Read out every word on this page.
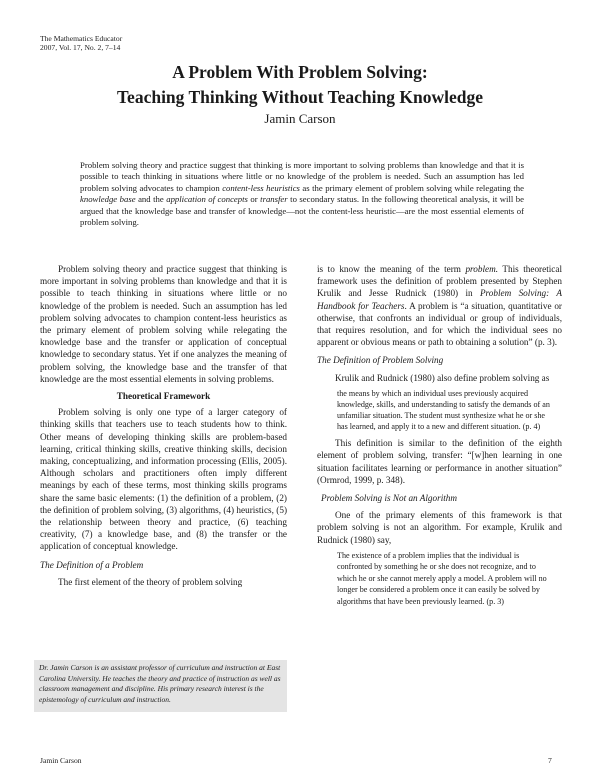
The Mathematics Educator
2007, Vol. 17, No. 2, 7–14
A Problem With Problem Solving:
Teaching Thinking Without Teaching Knowledge
Jamin Carson
Problem solving theory and practice suggest that thinking is more important to solving problems than knowledge and that it is possible to teach thinking in situations where little or no knowledge of the problem is needed. Such an assumption has led problem solving advocates to champion content-less heuristics as the primary element of problem solving while relegating the knowledge base and the application of concepts or transfer to secondary status. In the following theoretical analysis, it will be argued that the knowledge base and transfer of knowledge—not the content-less heuristic—are the most essential elements of problem solving.

Problem solving theory and practice suggest that thinking is more important in solving problems than knowledge and that it is possible to teach thinking in situations where little or no knowledge of the problem is needed. Such an assumption has led problem solving advocates to champion content-less heuristics as the primary element of problem solving while relegating the knowledge base and the transfer or application of conceptual knowledge to secondary status. Yet if one analyzes the meaning of problem solving, the knowledge base and the transfer of that knowledge are the most essential elements in solving problems.

Theoretical Framework

Problem solving is only one type of a larger category of thinking skills that teachers use to teach students how to think. Other means of developing thinking skills are problem-based learning, critical thinking skills, creative thinking skills, decision making, conceptualizing, and information processing (Ellis, 2005). Although scholars and practitioners often imply different meanings by each of these terms, most thinking skills programs share the same basic elements: (1) the definition of a problem, (2) the definition of problem solving, (3) algorithms, (4) heuristics, (5) the relationship between theory and practice, (6) teaching creativity, (7) a knowledge base, and (8) the transfer or the application of conceptual knowledge.

The Definition of a Problem

The first element of the theory of problem solving

is to know the meaning of the term problem. This theoretical framework uses the definition of problem presented by Stephen Krulik and Jesse Rudnick (1980) in Problem Solving: A Handbook for Teachers. A problem is “a situation, quantitative or otherwise, that confronts an individual or group of individuals, that requires resolution, and for which the individual sees no apparent or obvious means or path to obtaining a solution” (p. 3).

The Definition of Problem Solving

Krulik and Rudnick (1980) also define problem solving as

the means by which an individual uses previously acquired knowledge, skills, and understanding to satisfy the demands of an unfamiliar situation. The student must synthesize what he or she has learned, and apply it to a new and different situation. (p. 4)

This definition is similar to the definition of the eighth element of problem solving, transfer: “[w]hen learning in one situation facilitates learning or performance in another situation” (Ormrod, 1999, p. 348).

Problem Solving is Not an Algorithm

One of the primary elements of this framework is that problem solving is not an algorithm. For example, Krulik and Rudnick (1980) say,

The existence of a problem implies that the individual is confronted by something he or she does not recognize, and to which he or she cannot merely apply a model. A problem will no longer be considered a problem once it can easily be solved by algorithms that have been previously learned. (p. 3)
Dr. Jamin Carson is an assistant professor of curriculum and instruction at East Carolina University. He teaches the theory and practice of instruction as well as classroom management and discipline. His primary research interest is the epistemology of curriculum and instruction.
Jamin Carson	7
